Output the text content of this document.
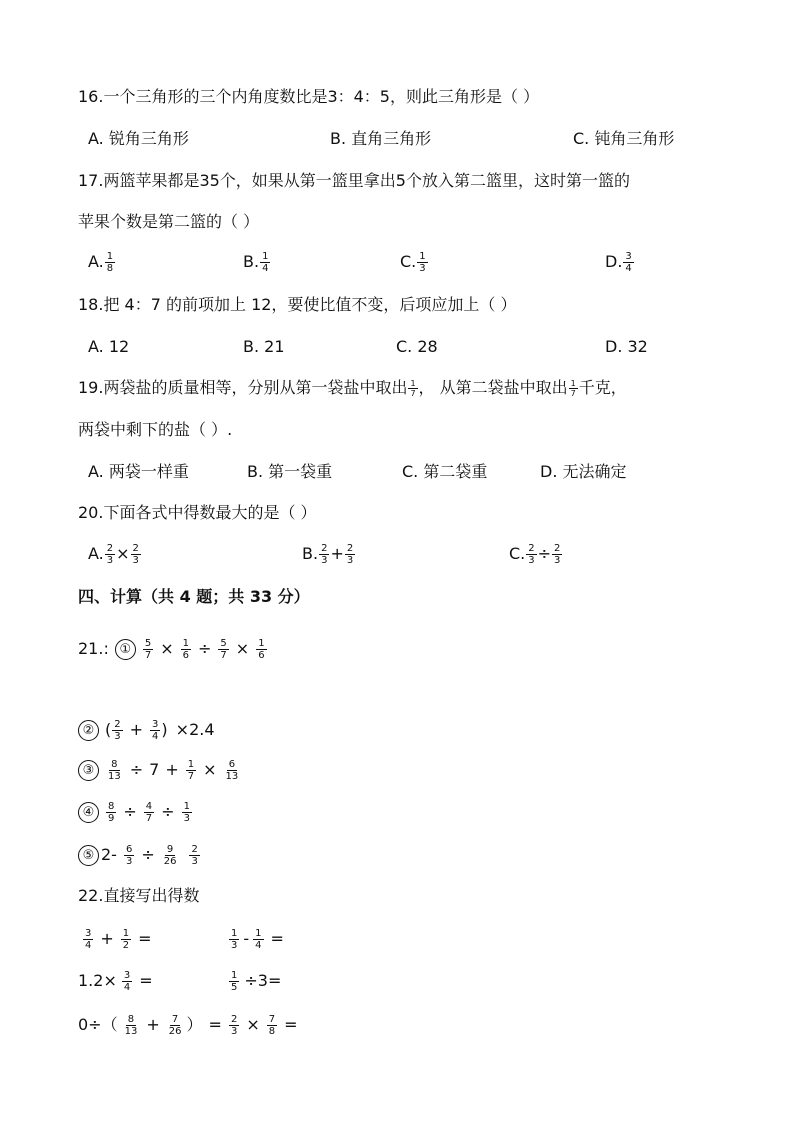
16.一个三角形的三个内角度数比是3：4：5，则此三角形是（ ）
A. 锐角三角形	B. 直角三角形	C. 钝角三角形
17.两篮苹果都是35个，如果从第一篮里拿出5个放入第二篮里，这时第一篮的
苹果个数是第二篮的（ ）
A. $\frac{1}{8}$	B. $\frac{1}{4}$	C. $\frac{1}{3}$	D. $\frac{3}{4}$
18.把 4：7 的前项加上 12，要使比值不变，后项应加上（ ）
A. 12	B. 21	C. 28	D. 32
19.两袋盐的质量相等，分别从第一袋盐中取出 $\frac{1}{7}$ ， 从第二袋盐中取出 $\frac{1}{7}$ 千克，
两袋中剩下的盐（ ）.
A. 两袋一样重	B. 第一袋重	C. 第二袋重	D. 无法确定
20.下面各式中得数最大的是（ ）
A. $\frac{2}{3} \times \frac{2}{3}$	B. $\frac{2}{3} + \frac{2}{3}$	C. $\frac{2}{3} \div \frac{2}{3}$
四、计算（共 4 题；共 33 分）
21.: ①	$\frac{5}{7} \times \frac{1}{6} \div \frac{5}{7} \times \frac{1}{6}$
② ( 2
$3 + \frac{3}{4}$ ) ×2.4
③	$\frac{8}{13} \div 7 + \frac{1}{7} \times \frac{6}{13}$
④	$\frac{8}{9} \div \frac{4}{7} \div \frac{1}{3}$
⑤ $2- \frac{6}{3} \div \frac{9}{26} 2$
3
22.直接写出得数
3
$4 + \frac{1}{2}$ =	1
$3 - \frac{1}{4}$ =
$1.2\times \frac{3}{4}$ =	$\frac{1}{5} \div 3=$
0÷（ 8
$13 + \frac{7}{26}$ ） = $\frac{2}{3} \times \frac{7}{8}$ =
